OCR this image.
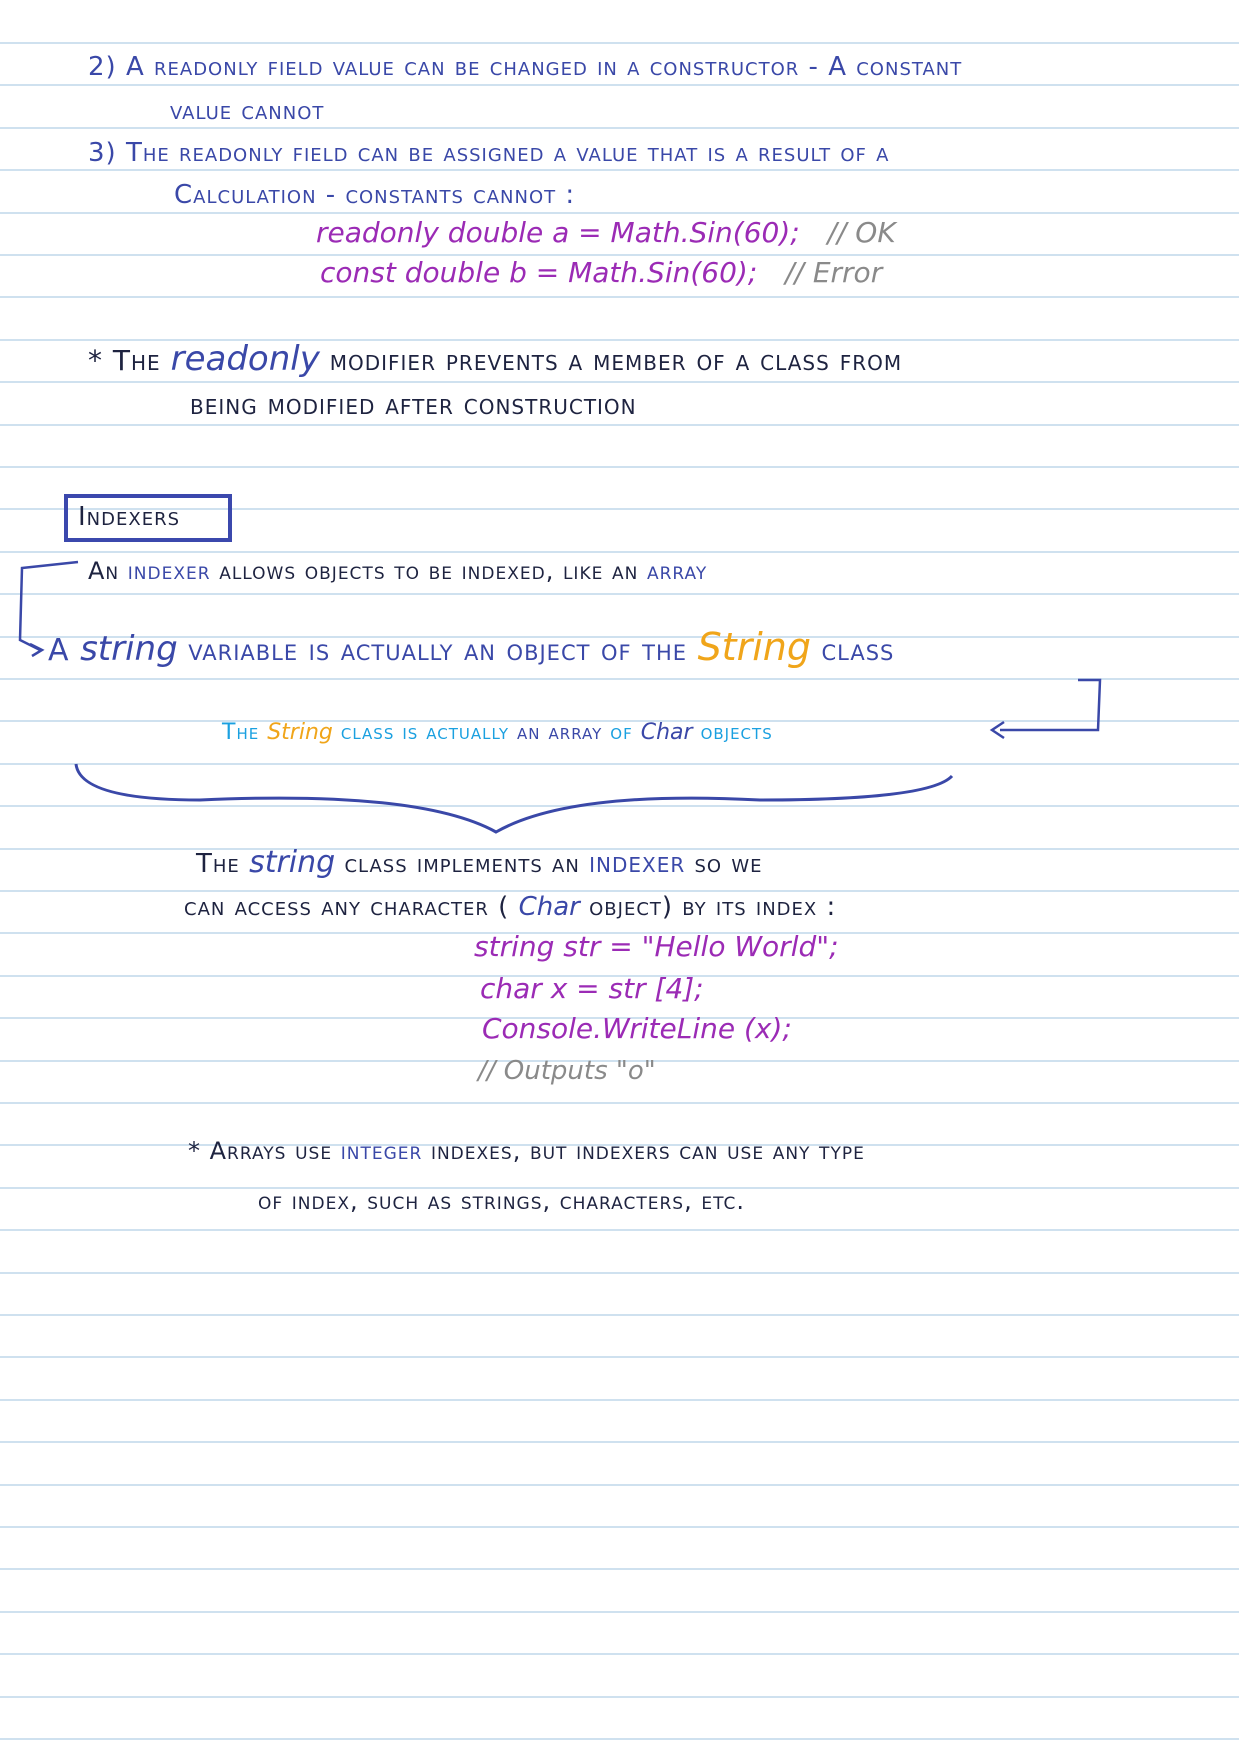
2) A readonly field value can be changed in a constructor - A constant
value cannot
3) The readonly field can be assigned a value that is a result of a
Calculation - constants cannot :
readonly double a = Math.Sin(60); // OK
const double b = Math.Sin(60); // Error
* The readonly modifier prevents a member of a class from
being modified after construction
Indexers
An indexer allows objects to be indexed, like an array
A string variable is actually an object of the String class
The String class is actually an array of Char objects
The string class implements an indexer so we
can access any character ( Char object) by its index :
string str = "Hello World";
char x = str [4];
Console.WriteLine (x);
// Outputs "o"
* Arrays use integer indexes, but indexers can use any type
of index, such as strings, characters, etc.
